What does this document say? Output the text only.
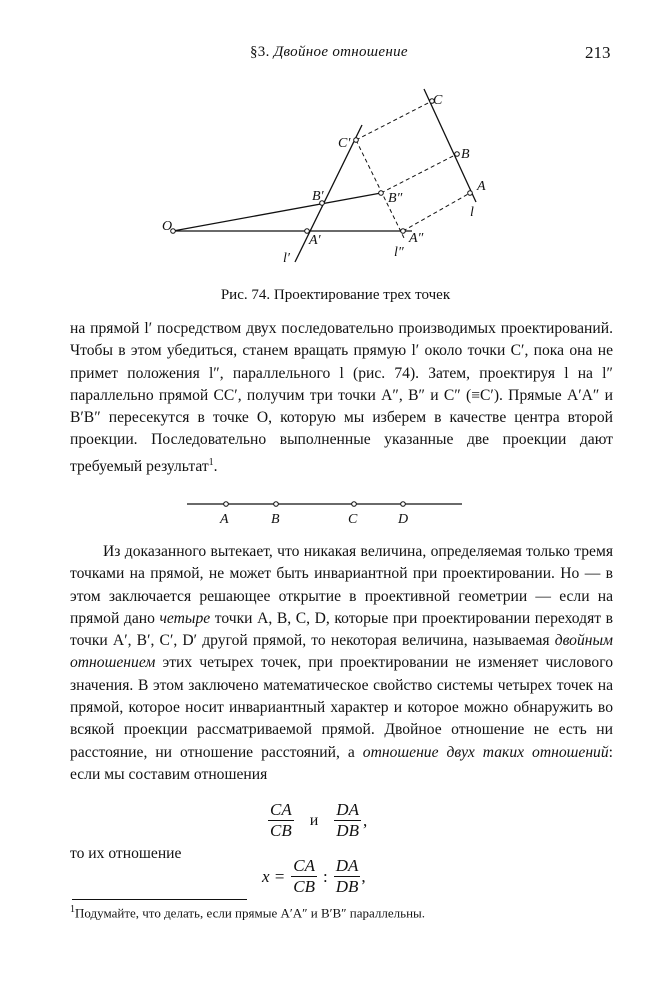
§3. Двойное отношение	213
O
A′	A″
B′	B″
C′
C
B
A
l
l′	l″
A	B	C	D
Рис. 74. Проектирование трех точек

на прямой l′ посредством двух последовательно производимых проектирований. Чтобы в этом убедиться, станем вращать прямую l′ около точки C′, пока она не примет положения l″, параллельного l (рис. 74). Затем, проектируя l на l″ параллельно прямой CC′, получим три точки A″, B″ и C″ (≡C′). Прямые A′A″ и B′B″ пересекутся в точке O, которую мы изберем в качестве центра второй проекции. Последовательно выполненные указанные две проекции дают требуемый результат$^1$.

Из доказанного вытекает, что никакая величина, определяемая только тремя точками на прямой, не может быть инвариантной при проектировании. Но — в этом заключается решающее открытие в проективной геометрии — если на прямой дано четыре точки A, B, C, D, которые при проектировании переходят в точки A′, B′, C′, D′ другой прямой, то некоторая величина, называемая двойным отношением этих четырех точек, при проектировании не изменяет числового значения. В этом заключено математическое свойство системы четырех точек на прямой, которое носит инвариантный характер и которое можно обнаружить во всякой проекции рассматриваемой прямой. Двойное отношение не есть ни расстояние, ни отношение расстояний, а отношение двух таких отношений: если мы составим отношения

$\frac{CA}{CB}$ и $\frac{DA}{DB}$ ,

то их отношение

$x = \frac{CA}{CB}$ : $\frac{DA}{DB}$ ,
$^1$Подумайте, что делать, если прямые A′A″ и B′B″ параллельны.
